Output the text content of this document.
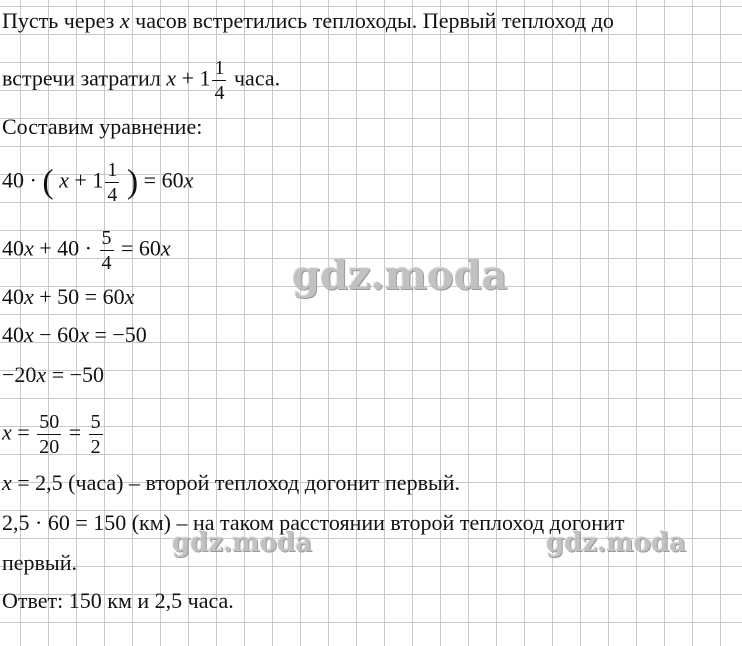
Пусть через x часов встретились теплоходы. Первый теплоход до
встречи затратил $x + 1 \frac{1}{4}$ часа.
Составим уравнение:
40 · ( $x + 1 \frac{1}{4}$ ) = 60x
$40x + 40 \cdot \frac{5}{4} = 60x$
40x + 50 = 60x
40x − 60x = −50
−20x = −50
$x = \frac{50}{20} = \frac{5}{2}$
x = 2,5 (часа) – второй теплоход догонит первый.
2,5 · 60 = 150 (км) – на таком расстоянии второй теплоход догонит
первый.
Ответ: 150 км и 2,5 часа.
gdz.moda
gdz.moda	gdz.moda
